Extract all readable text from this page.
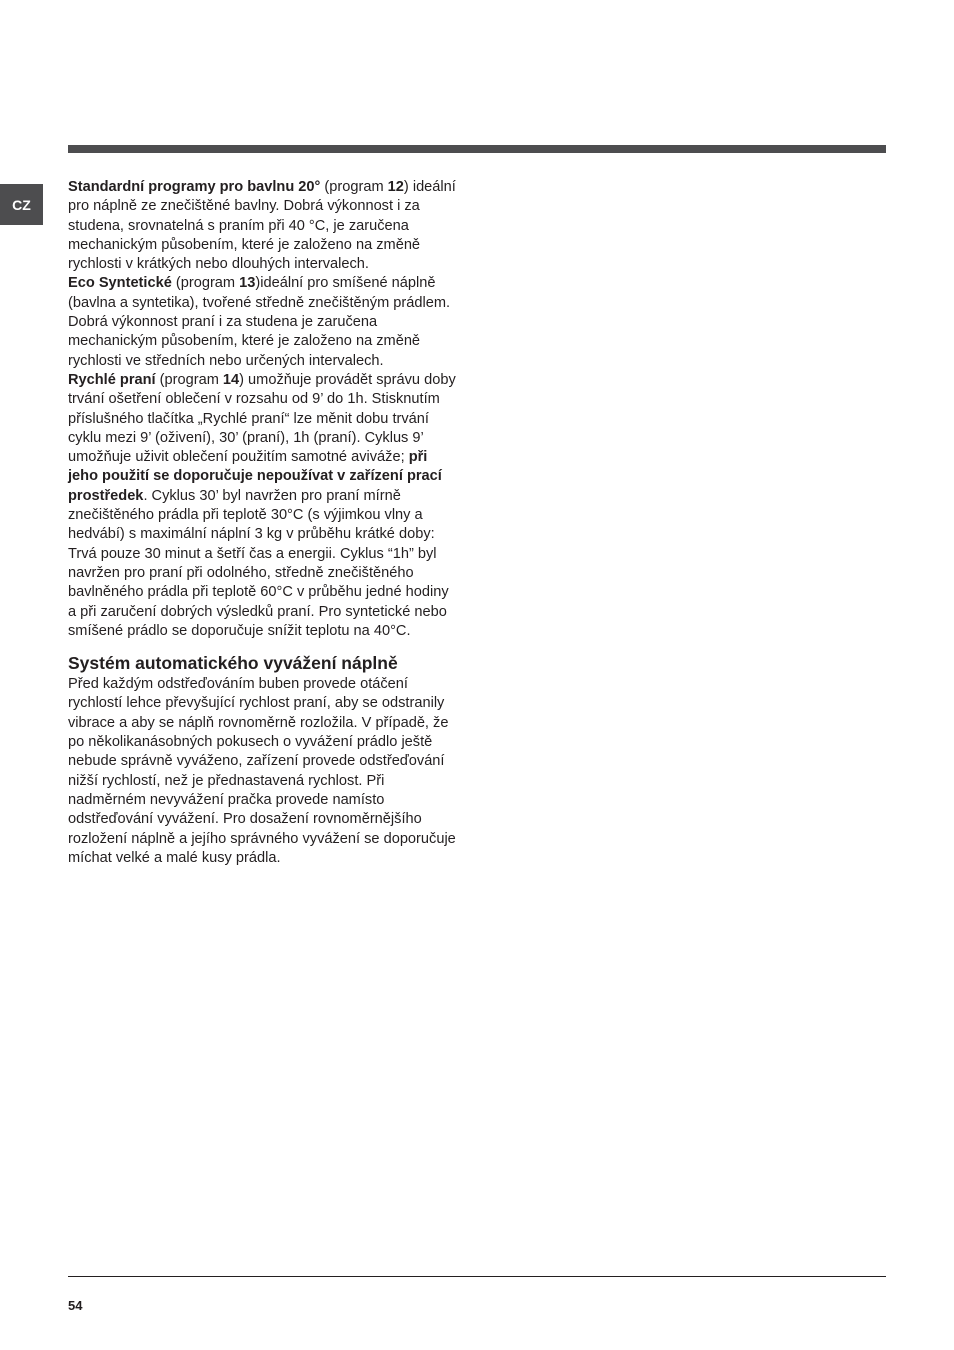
CZ

Standardní programy pro bavlnu 20° (program 12) ideální pro náplně ze znečištěné bavlny. Dobrá výkonnost i za studena, srovnatelná s praním při 40 °C, je zaručena mechanickým působením, které je založeno na změně rychlosti v krátkých nebo dlouhých intervalech.

Eco Syntetické (program 13)ideální pro smíšené náplně (bavlna a syntetika), tvořené středně znečištěným prádlem. Dobrá výkonnost praní i za studena je zaručena mechanickým působením, které je založeno na změně rychlosti ve středních nebo určených intervalech.

Rychlé praní (program 14) umožňuje provádět správu doby trvání ošetření oblečení v rozsahu od 9’ do 1h. Stisknutím příslušného tlačítka „Rychlé praní“ lze měnit dobu trvání cyklu mezi 9’ (oživení), 30’ (praní), 1h (praní). Cyklus 9’ umožňuje uživit oblečení použitím samotné aviváže; při jeho použití se doporučuje nepoužívat v zařízení prací prostředek. Cyklus 30’ byl navržen pro praní mírně znečištěného prádla při teplotě 30°C (s výjimkou vlny a hedvábí) s maximální náplní 3 kg v průběhu krátké doby: Trvá pouze 30 minut a šetří čas a energii. Cyklus “1h” byl navržen pro praní při odolného, středně znečištěného bavlněného prádla při teplotě 60°C v průběhu jedné hodiny a při zaručení dobrých výsledků praní. Pro syntetické nebo smíšené prádlo se doporučuje snížit teplotu na 40°C.

Systém automatického vyvážení náplně

Před každým odstřeďováním buben provede otáčení rychlostí lehce převyšující rychlost praní, aby se odstranily vibrace a aby se náplň rovnoměrně rozložila. V případě, že po několikanásobných pokusech o vyvážení prádlo ještě nebude správně vyváženo, zařízení provede odstřeďování nižší rychlostí, než je přednastavená rychlost. Při nadměrném nevyvážení pračka provede namísto odstřeďování vyvážení. Pro dosažení rovnoměrnějšího rozložení náplně a jejího správného vyvážení se doporučuje míchat velké a malé kusy prádla.

54
